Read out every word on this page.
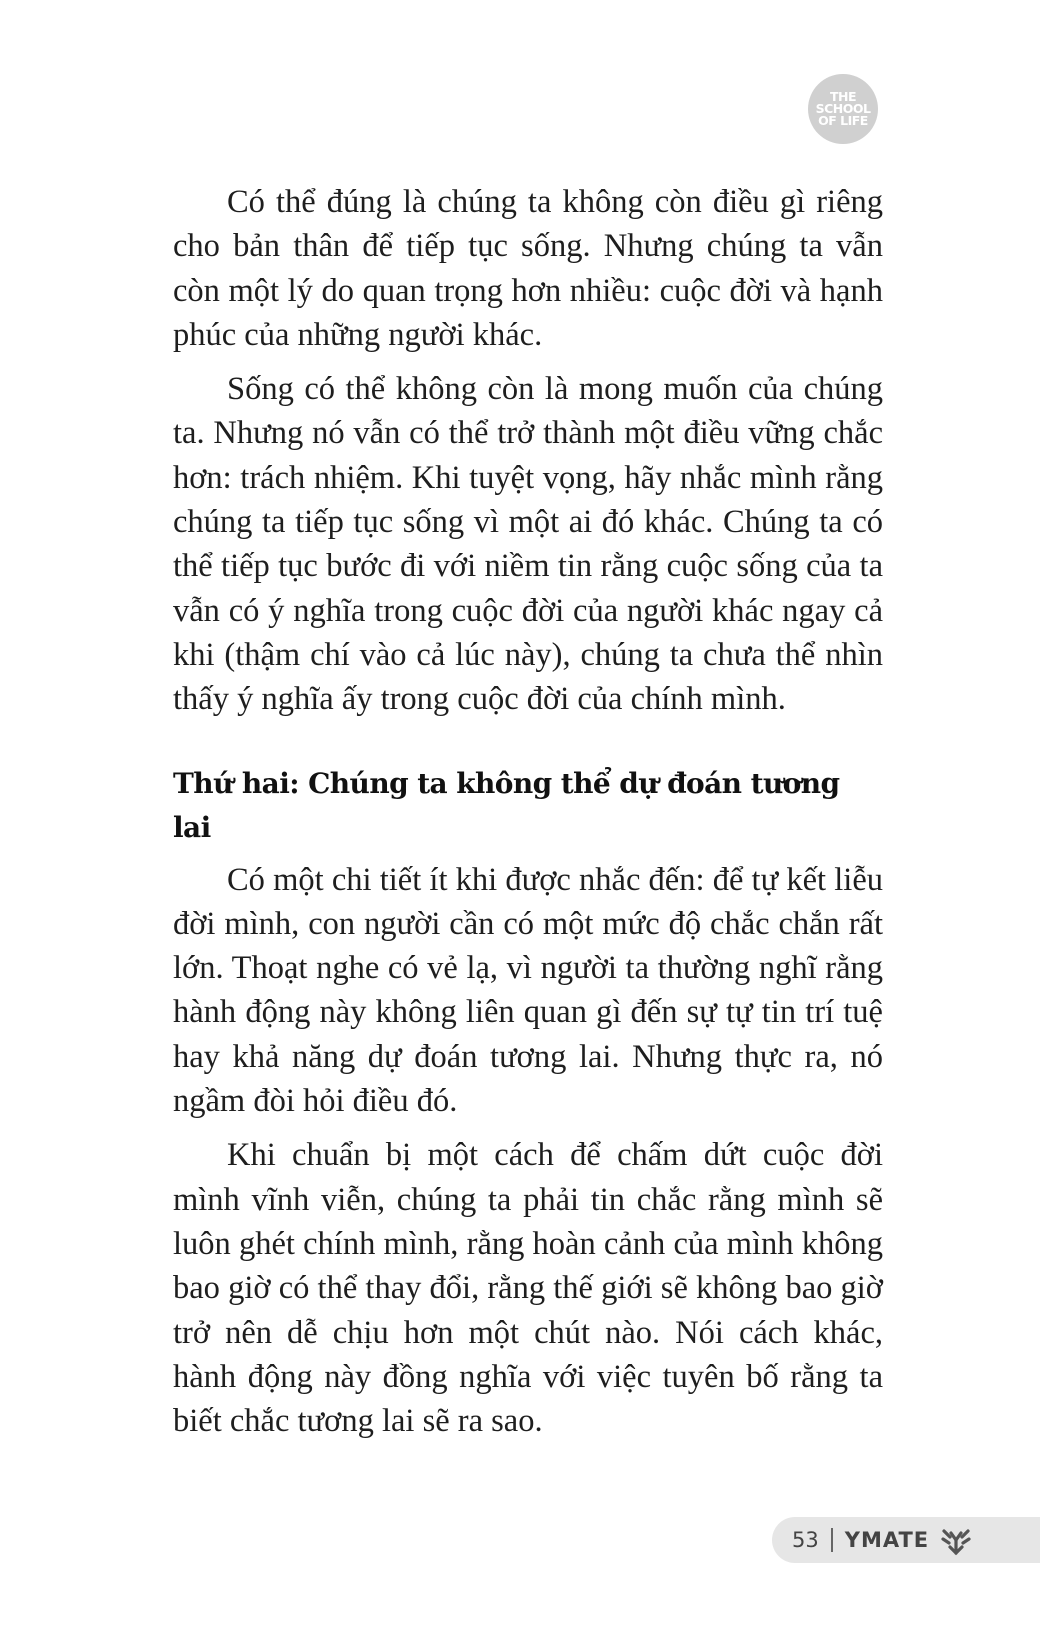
THE
SCHOOL
OF LIFE

Có thể đúng là chúng ta không còn điều gì riêng cho bản thân để tiếp tục sống. Nhưng chúng ta vẫn còn một lý do quan trọng hơn nhiều: cuộc đời và hạnh phúc của những người khác.

Sống có thể không còn là mong muốn của chúng ta. Nhưng nó vẫn có thể trở thành một điều vững chắc hơn: trách nhiệm. Khi tuyệt vọng, hãy nhắc mình rằng chúng ta tiếp tục sống vì một ai đó khác. Chúng ta có thể tiếp tục bước đi với niềm tin rằng cuộc sống của ta vẫn có ý nghĩa trong cuộc đời của người khác ngay cả khi (thậm chí vào cả lúc này), chúng ta chưa thể nhìn thấy ý nghĩa ấy trong cuộc đời của chính mình.

Thứ hai: Chúng ta không thể dự đoán tương lai

Có một chi tiết ít khi được nhắc đến: để tự kết liễu đời mình, con người cần có một mức độ chắc chắn rất lớn. Thoạt nghe có vẻ lạ, vì người ta thường nghĩ rằng hành động này không liên quan gì đến sự tự tin trí tuệ hay khả năng dự đoán tương lai. Nhưng thực ra, nó ngầm đòi hỏi điều đó.

Khi chuẩn bị một cách để chấm dứt cuộc đời mình vĩnh viễn, chúng ta phải tin chắc rằng mình sẽ luôn ghét chính mình, rằng hoàn cảnh của mình không bao giờ có thể thay đổi, rằng thế giới sẽ không bao giờ trở nên dễ chịu hơn một chút nào. Nói cách khác, hành động này đồng nghĩa với việc tuyên bố rằng ta biết chắc tương lai sẽ ra sao.

53 YMATE
